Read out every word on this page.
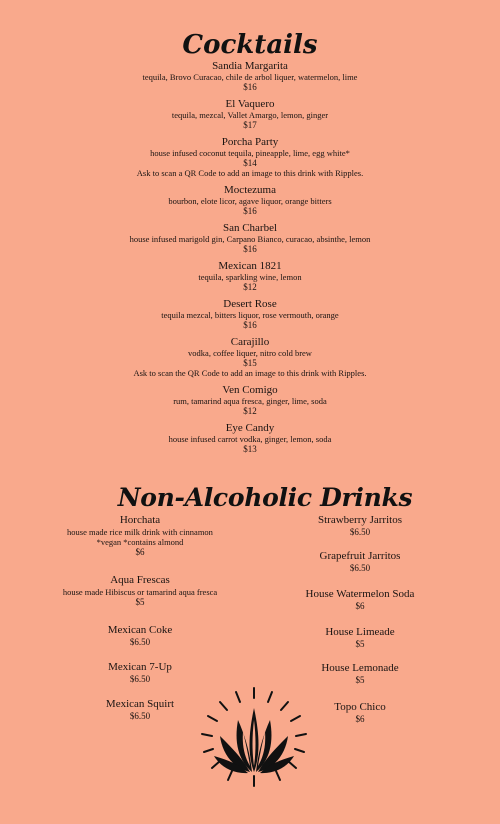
Cocktails
Sandia Margarita
tequila, Brovo Curacao, chile de arbol liquer, watermelon, lime
$16
El Vaquero
tequila, mezcal, Vallet Amargo, lemon, ginger
$17
Porcha Party
house infused coconut tequila, pineapple, lime, egg white*
$14
Ask to scan a QR Code to add an image to this drink with Ripples.
Moctezuma
bourbon, elote licor, agave liquor, orange bitters
$16
San Charbel
house infused marigold gin, Carpano Bianco, curacao, absinthe, lemon
$16
Mexican 1821
tequila, sparkling wine, lemon
$12
Desert Rose
tequila mezcal, bitters liquor, rose vermouth, orange
$16
Carajillo
vodka, coffee liquer, nitro cold brew
$15
Ask to scan the QR Code to add an image to this drink with Ripples.
Ven Comigo
rum, tamarind aqua fresca, ginger, lime, soda
$12
Eye Candy
house infused carrot vodka, ginger, lemon, soda
$13
Non-Alcoholic Drinks
Horchata
house made rice milk drink with cinnamon
*vegan *contains almond
$6
Aqua Frescas
house made Hibiscus or tamarind aqua fresca
$5
Mexican Coke
$6.50
Mexican 7-Up
$6.50
Mexican Squirt
$6.50
Strawberry Jarritos
$6.50
Grapefruit Jarritos
$6.50
House Watermelon Soda
$6
House Limeade
$5
House Lemonade
$5
Topo Chico
$6
